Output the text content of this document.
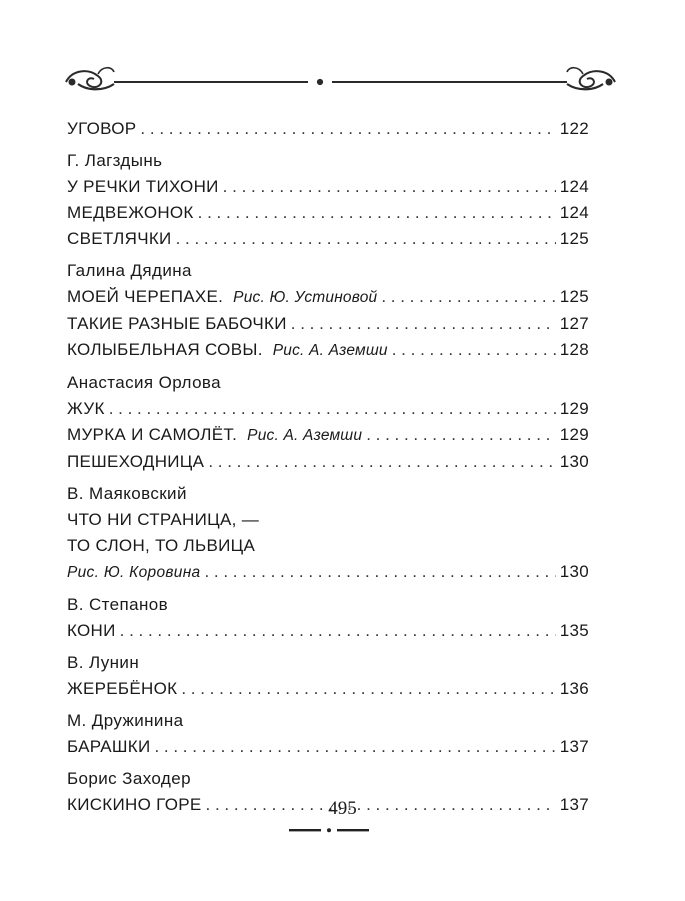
УГОВОР . . .	122
Г. Лагздынь
У РЕЧКИ ТИХОНИ . . .	124
МЕДВЕЖОНОК . . .	124
СВЕТЛЯЧКИ . . .	125
Галина Дядина
МОЕЙ ЧЕРЕПАХЕ. Рис. Ю. Устиновой . . .	125
ТАКИЕ РАЗНЫЕ БАБОЧКИ . . .	127
КОЛЫБЕЛЬНАЯ СОВЫ. Рис. А. Аземши . . .	128
Анастасия Орлова
ЖУК . . .	129
МУРКА И САМОЛЁТ. Рис. А. Аземши . . .	129
ПЕШЕХОДНИЦА . . .	130
В. Маяковский
ЧТО НИ СТРАНИЦА, —
ТО СЛОН, ТО ЛЬВИЦА
Рис. Ю. Коровина . . .	130
В. Степанов
КОНИ . . .	135
В. Лунин
ЖЕРЕБЁНОК . . .	136
М. Дружинина
БАРАШКИ . . .	137
Борис Заходер
КИСКИНО ГОРЕ . . .	137
495
